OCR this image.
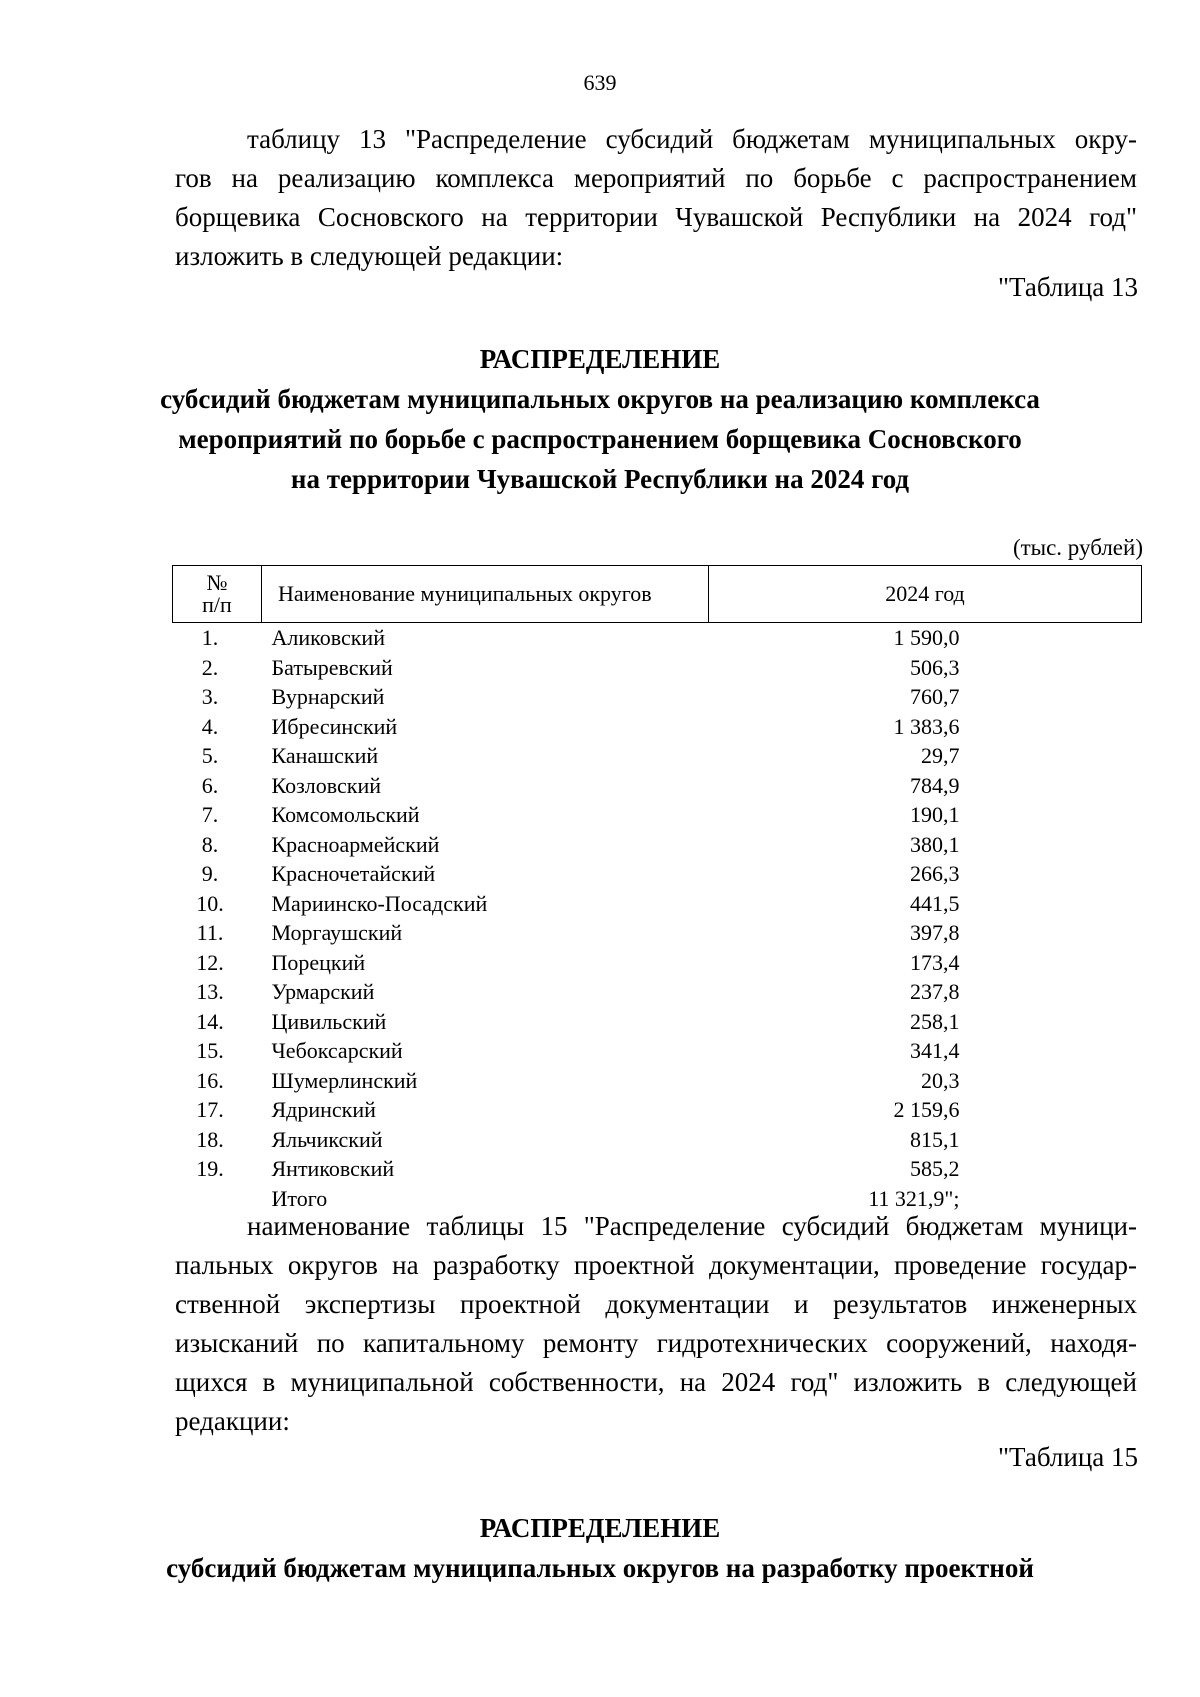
639
таблицу 13 "Распределение субсидий бюджетам муниципальных окру-
гов на реализацию комплекса мероприятий по борьбе с распространением
борщевика Сосновского на территории Чувашской Республики на 2024 год"
изложить в следующей редакции:
"Таблица 13
РАСПРЕДЕЛЕНИЕ
субсидий бюджетам муниципальных округов на реализацию комплекса
мероприятий по борьбе с распространением борщевика Сосновского
на территории Чувашской Республики на 2024 год
(тыс. рублей)
№
п/п	Наименование муниципальных округов	2024 год
1.	Аликовский	1 590,0
2.	Батыревский	506,3
3.	Вурнарский	760,7
4.	Ибресинский	1 383,6
5.	Канашский	29,7
6.	Козловский	784,9
7.	Комсомольский	190,1
8.	Красноармейский	380,1
9.	Красночетайский	266,3
10.	Мариинско-Посадский	441,5
11.	Моргаушский	397,8
12.	Порецкий	173,4
13.	Урмарский	237,8
14.	Цивильский	258,1
15.	Чебоксарский	341,4
16.	Шумерлинский	20,3
17.	Ядринский	2 159,6
18.	Яльчикский	815,1
19.	Янтиковский	585,2
	Итого	11 321,9";
наименование таблицы 15 "Распределение субсидий бюджетам муници-
пальных округов на разработку проектной документации, проведение государ-
ственной экспертизы проектной документации и результатов инженерных
изысканий по капитальному ремонту гидротехнических сооружений, находя-
щихся в муниципальной собственности, на 2024 год" изложить в следующей
редакции:
"Таблица 15
РАСПРЕДЕЛЕНИЕ
субсидий бюджетам муниципальных округов на разработку проектной
